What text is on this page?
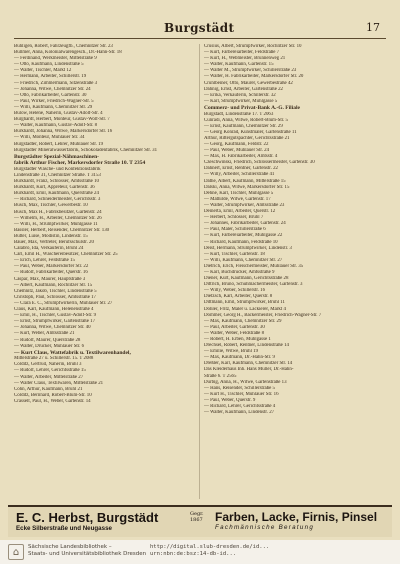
Burgstädt	17
Bühligen, Robert, Fahrzeugfb., Chemnitzer Str. 23
Bullmer, Anna, Kolonialwarengesch., Dr.-Hahn-Str. 18
— Ferdinand, Werkmeister, Mittelstraße 9
— Otto, Kaufmann, Lindenstraße 5
— Walter, Tischler, Markt 12
— Hermann, Arbeiter, Schillerstr. 19
— Friedrich, Zimmermann, Sitzenstraße 3
— Johanna, Witwe, Chemnitzer Str. 24
— Otto, Fabrikarbeiter, Gartenstr. 30
— Paul, Wirker, Friedrich-Wagner-Str. 5
— Willi, Kaufmann, Chemnitzer Str. 29
Bülow, Helene, Näherin, Gustav-Adolf-Str. 4
Burghardt, Herbert, Monteur, Gustav-Wolf-Str. 7
— Walter, Kaufmann, Gustav-Adolf-Str. 8
Burkhardt, Johanna, Witwe, Markersdorfer Str. 16
— Willi, Monteur, Mühlauer Str. 34
Burgstädter, Robert, Lehrer, Mühlauer Str. 19
Burgstädter Mineralwasserfabrik, Schokoladenfabrik, Chemnitzer Str. 31
Burgstädter Spezial-Nähmaschinen-
fabrik Arthur Fischer, Markersdorfer Straße 10. T 2354
Burgstädter Wäsche- und Konfektionsfabrik
Lindenstraße 31, Chemnitzer Straße. T 3153
Burkhardt, Franz, Schlosser, Amtsstraße 10
Burkhardt, Kurt, Appreteur, Gartenstr. 36
Burkhardt, Emil, Kaufmann, Querstraße 24
— Richard, Schneidermeister, Gerichtsstr. 3
Busch, Max, Tischler, Gewerbestr. 10
Busch, Max H., Fabrikbesitzer, Gartenstr. 24
— Wilhelm, H., Arbeiter, Chemnitzer Str. 26
— Willi, H., Strumpfwirker, Mühlgasse 11
Bässler, Herbert, Reisender, Chemnitzer Str. 130
Butter, Luise, Modistin, Lindenstr. 15
Bauer, Max, Vertreter, Berufsschulstr. 20
Calabrò, Ida, Verkäuferin, Brühl 24
Carl, Emil H., Wäschereibesitzer, Chemnitzer Str. 25
— Erich, Lehrer, Feldstraße 15
— Paul, Weber, Markersdorfer Str. 22
— Rudolf, Fabrikarbeiter, Querstr. 16
Caspar, Max, Maurer, Hauptstraße 3
— Albert, Kaufmann, Rochlitzer Str. 15
Chemnitz, Jakob, Tischler, Lindenstraße 5
Christoph, Paul, Schlosser, Amtsstraße 17
— Clara E. C., Strumpfwirkerin, Mühlauer Str. 27
Claus, Karl, Kaufmann, Helenenstraße 4
— Emil, H., Tischler, Gustav-Adolf-Str. 9
— Ernst, Strumpfwirker, Gartenstraße 17
— Johanna, Witwe, Chemnitzer Str. 40
— Kurt, Weber, Amtsstraße 21
— Rudolf, Maurer, Querstraße 28
— Walter, Drucker, Mühlauer Str. 6
— Kurt Claus, Wattefabrik u. Textilwarenhandel,
Mittelstraße 27 u. Schillerstr. 15. T 2088
Colditz, Gertrud, Näherin, Brühl 3
— Rudolf, Lehrer, Gerichtsstraße 15
— Walter, Arbeiter, Mittelstraße 27
— Walter Claus, Textilwaren, Mittelstraße 21
Cohn, Arthur, Kaufmann, Brühl 21
Colditz, Bernhard, Robert-Blum-Str. 10
Crasselt, Paul, H., Weber, Gartenstr. 14
Crusius, Albert, Strumpfwirker, Rochlitzer Str. 10
— Kurt, Färbereiarbeiter, Feldstraße 7
— Kurt, H., Webmeister, Brunnenweg 21
— Walter, Kaufmann, Gartenstr. 15
— Walter M., Strumpfwirker, Schillerstraße 23
— Walter, H. Fabrikarbeiter, Markersdorfer Str. 20
Cruhlbeiner, Otto, Maurer, Gewerbestraße 42
Dähnig, Ernst, Arbeiter, Gartenstraße 22
— Erika, Verkäuferin, Schillerstr. 32
— Karl, Strumpfwirker, Mühlgasse 5
Commerz- und Privat-Bank A.-G. Filiale
Burgstädt, Lindenstraße 17. T 2063
Cunradi, Anna, Witwe, Robert-Blum-Str. 5
— Ernst, Kaufmann, Chemnitzer Str. 29
— Georg Konrad, Kunstmaler, Gartenstraße 11
Arthur, Rittergutspächter, Gerichtsstraße 21
— Georg, Kaufmann, Feldstr. 22
— Paul, Weber, Mühlauer Str. 24
— Max, H. Fabrikarbeiter, Amtsstr. 4
Czeschwinski, Friedrich, Schlossermeister, Gartenstr. 30
Dähnert, Ernst, Rentner, Gartenstr. 22
— Willy, Arbeiter, Schillerstraße 41
Dathe, Albert, Kaufmann, Mittelstraße 15
Dalski, Anna, Witwe, Markersdorfer Str. 15
Dehne, Karl, Tischler, Mühlgasse 5
— Mathilde, Witwe, Gartenstr. 17
— Walter, Strumpfwirker, Amtsstraße 23
Deinerta, Emil, Arbeiter, Querstr. 12
— Herbert, Schlosser, Brühl 7
— Johannes, Fabrikarbeiter, Gartenstr. 24
— Paul, Maler, Schillerstraße 6
— Kurt, Färbereiarbeiter, Mühlgasse 22
— Richard, Kaufmann, Feldstraße 10
Deist, Hermann, Strumpfwirker, Lindenstr. 3
— Kurt, Tischler, Gartenstr. 18
— Willi, Kaufmann, Chemnitzer Str. 27
Dietrich, Erich, Fleischermeister, Mühlauer Str. 35
— Karl, Buchdrucker, Amtsstraße 9
Diener, Kurt, Kaufmann, Gerichtsstraße 28
Dittrich, Bruno, Schuhmachermeister, Gartenstr. 3
— Willy, Weber, Schillerstr. 16
Dietzsch, Karl, Arbeiter, Querstr. 8
Dittmann, Emil, Strumpfwirker, Brühl 11
Döhler, Fritz, Maler u. Lackierer, Markt 4
Dommer, Georg H., Bäckermeister, Friedrich-Wagner-Str. 7
— Max, Kaufmann, Chemnitzer Str. 29
— Paul, Arbeiter, Gartenstr. 30
— Walter, Weber, Feldstraße 8
— Robert, H. Erben, Mühlgasse 1
Drechsel, Robert, Rentner, Lindenstraße 14
— Emilie, Witwe, Brühl 19
— Max, Kaufmann, Dr.-Hahn-Str. 9
Dreßler, Karl, Kaufmann, Chemnitzer Str. 14
Das Kleiderhaus Inh. Hans Müller, Dr.-Hahn-
Straße 6. T 2565
Dürbig, Anna, H., Witwe, Gartenstraße 13
— Hans, Reisender, Schillerstraße 5
— Kurt H., Tischler, Mühlauer Str. 16
— Paul, Weber, Querstr. 9
— Richard, Lehrer, Gerichtsstraße 4
— Walter, Kaufmann, Lindenstr. 27
E. C. Herbst, Burgstädt
Ecke Silberstraße und Neugasse
Gegr.
1867	Farben, Lacke, Firnis, Pinsel
Fachmännische Beratung
⌂	Sächsische Landesbibliothek –
Staats- und Universitätsbibliothek Dresden
http://digital.slub-dresden.de/id...
urn:nbn:de:bsz:14-db-id...
